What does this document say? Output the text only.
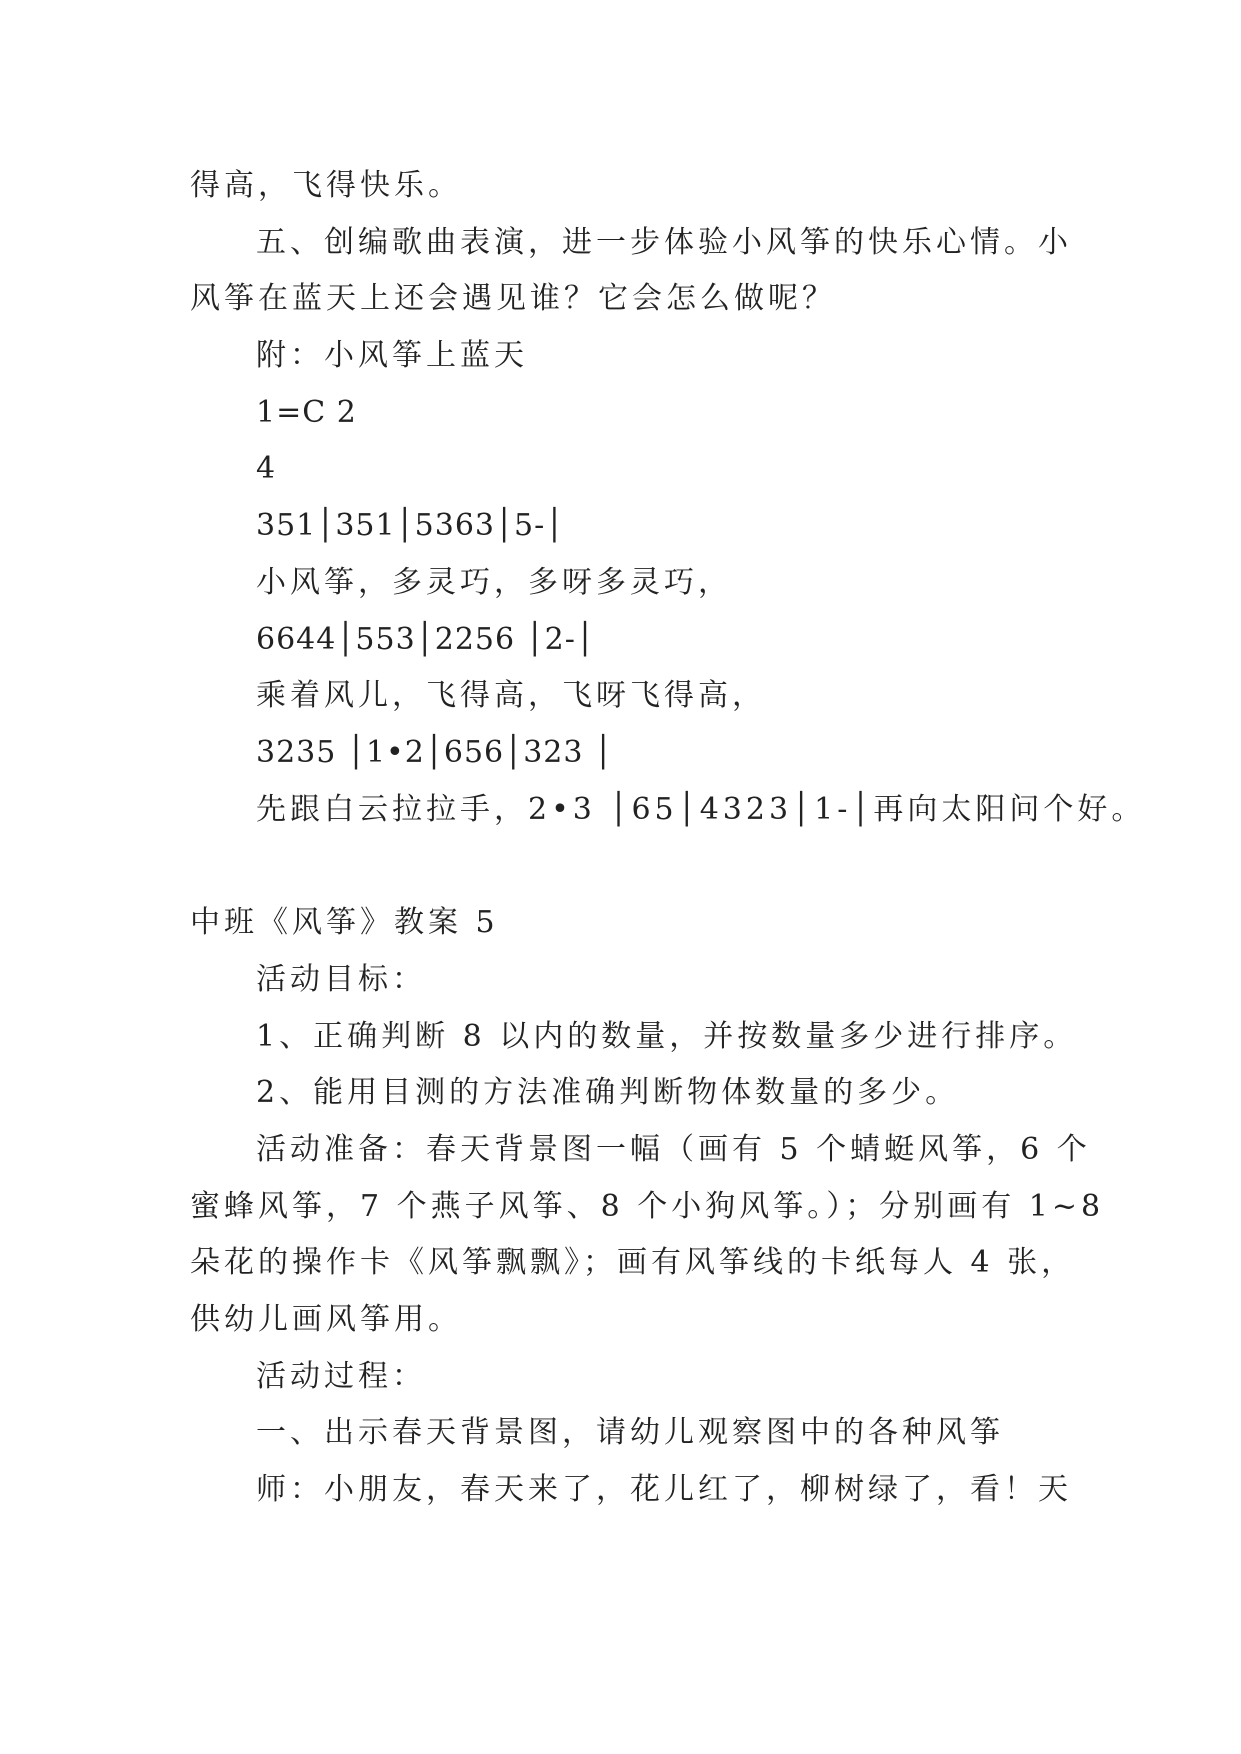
得高，飞得快乐。
五、创编歌曲表演，进一步体验小风筝的快乐心情。小
风筝在蓝天上还会遇见谁？它会怎么做呢？
附：小风筝上蓝天
1=C 2
4
351│351│5363│5-│
小风筝，多灵巧，多呀多灵巧，
6644│553│2256 │2-│
乘着风儿，飞得高，飞呀飞得高，
3235 │1•2│656│323 │
先跟白云拉拉手，2•3 │65│4323│1-│再向太阳问个好。
中班《风筝》教案 5
活动目标：
1、正确判断 8 以内的数量，并按数量多少进行排序。
2、能用目测的方法准确判断物体数量的多少。
活动准备：春天背景图一幅（画有 5 个蜻蜓风筝，6 个
蜜蜂风筝，7 个燕子风筝、8 个小狗风筝。）；分别画有 1~8
朵花的操作卡《风筝飘飘》；画有风筝线的卡纸每人 4 张，
供幼儿画风筝用。
活动过程：
一、出示春天背景图，请幼儿观察图中的各种风筝
师：小朋友，春天来了，花儿红了，柳树绿了，看！天
